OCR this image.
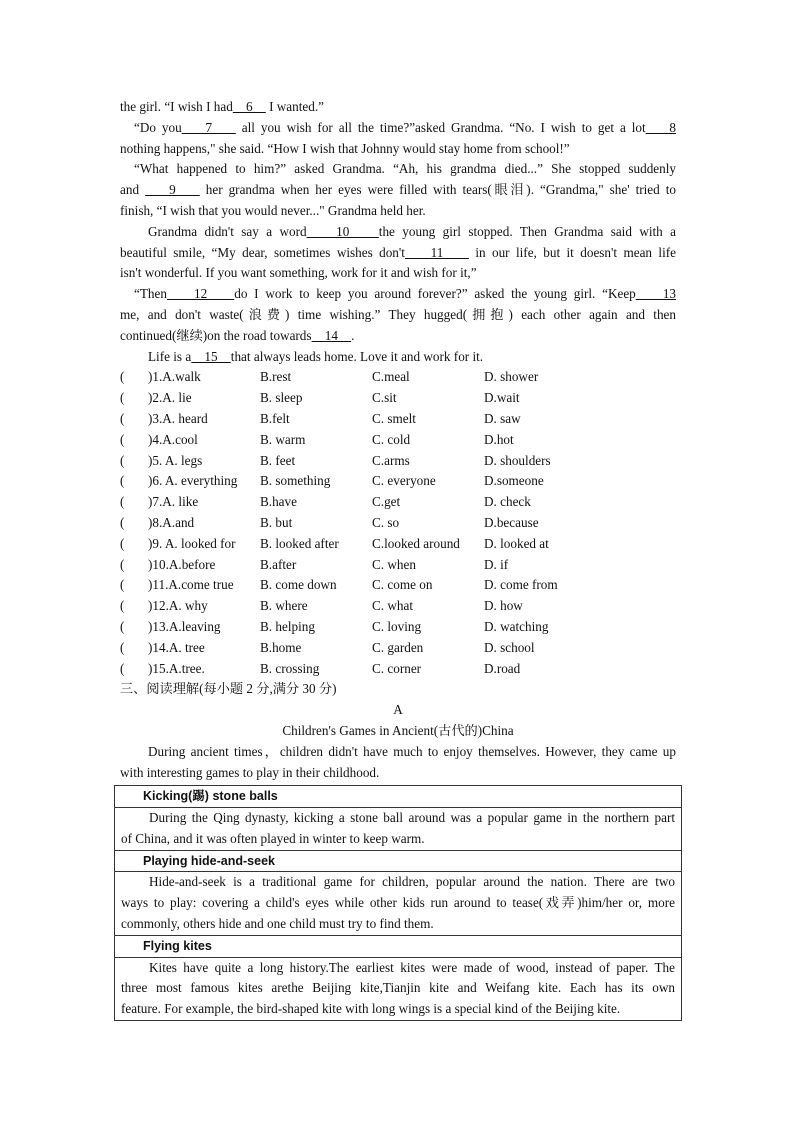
the girl. “I wish I had    6     I wanted.”

“Do you    7     all you wish for all the time?”asked Grandma. “No. I wish to get a lot    8

nothing happens," she said. “How I wish that Johnny would stay home from school!”

“What happened to him?” asked Grandma. “Ah, his grandma died...” She stopped suddenly

and     9     her grandma when her eyes were filled with tears(眼泪). “Grandma," she' tried to

finish, “I wish that you would never..." Grandma held her.

Grandma didn't say a word    10    the young girl stopped. Then Grandma said with a

beautiful smile, “My dear, sometimes wishes don't    11     in our life, but it doesn't mean life

isn't wonderful. If you want something, work for it and wish for it,”

“Then    12    do I work to keep you around forever?” asked the young girl. “Keep    13

me, and don't waste(浪费) time wishing.” They hugged(拥抱) each other again and then

continued(继续)on the road towards    14    .

Life is a    15    that always leads home. Love it and work for it.

(	)1.A.walk	B.rest	C.meal	D. shower
(	)2.A. lie	B. sleep	C.sit	D.wait
(	)3.A. heard	B.felt	C. smelt	D. saw
(	)4.A.cool	B. warm	C. cold	D.hot
(	)5. A. legs	B. feet	C.arms	D. shoulders
(	)6. A. everything	B. something	C. everyone	D.someone
(	)7.A. like	B.have	C.get	D. check
(	)8.A.and	B. but	C. so	D.because
(	)9. A. looked for	B. looked after	C.looked around	D. looked at
(	)10.A.before	B.after	C. when	D. if
(	)11.A.come true	B. come down	C. come on	D. come from
(	)12.A. why	B. where	C. what	D. how
(	)13.A.leaving	B. helping	C. loving	D. watching
(	)14.A. tree	B.home	C. garden	D. school
(	)15.A.tree.	B. crossing	C. corner	D.road

三、阅读理解(每小题 2 分,满分 30 分)

A

Children's Games in Ancient(古代的)China

During ancient times，children didn't have much to enjoy themselves. However, they came up

with interesting games to play in their childhood.

Kicking(踢) stone balls

During the Qing dynasty, kicking a stone ball around was a popular game in the northern part
of China, and it was often played in winter to keep warm.

Playing hide-and-seek

Hide-and-seek is a traditional game for children, popular around the nation. There are two
ways to play: covering a child's eyes while other kids run around to tease(戏弄)him/her or, more
commonly, others hide and one child must try to find them.

Flying kites

Kites have quite a long history.The earliest kites were made of wood, instead of paper. The
three most famous kites arethe Beijing kite,Tianjin kite and Weifang kite. Each has its own
feature. For example, the bird-shaped kite with long wings is a special kind of the Beijing kite.
